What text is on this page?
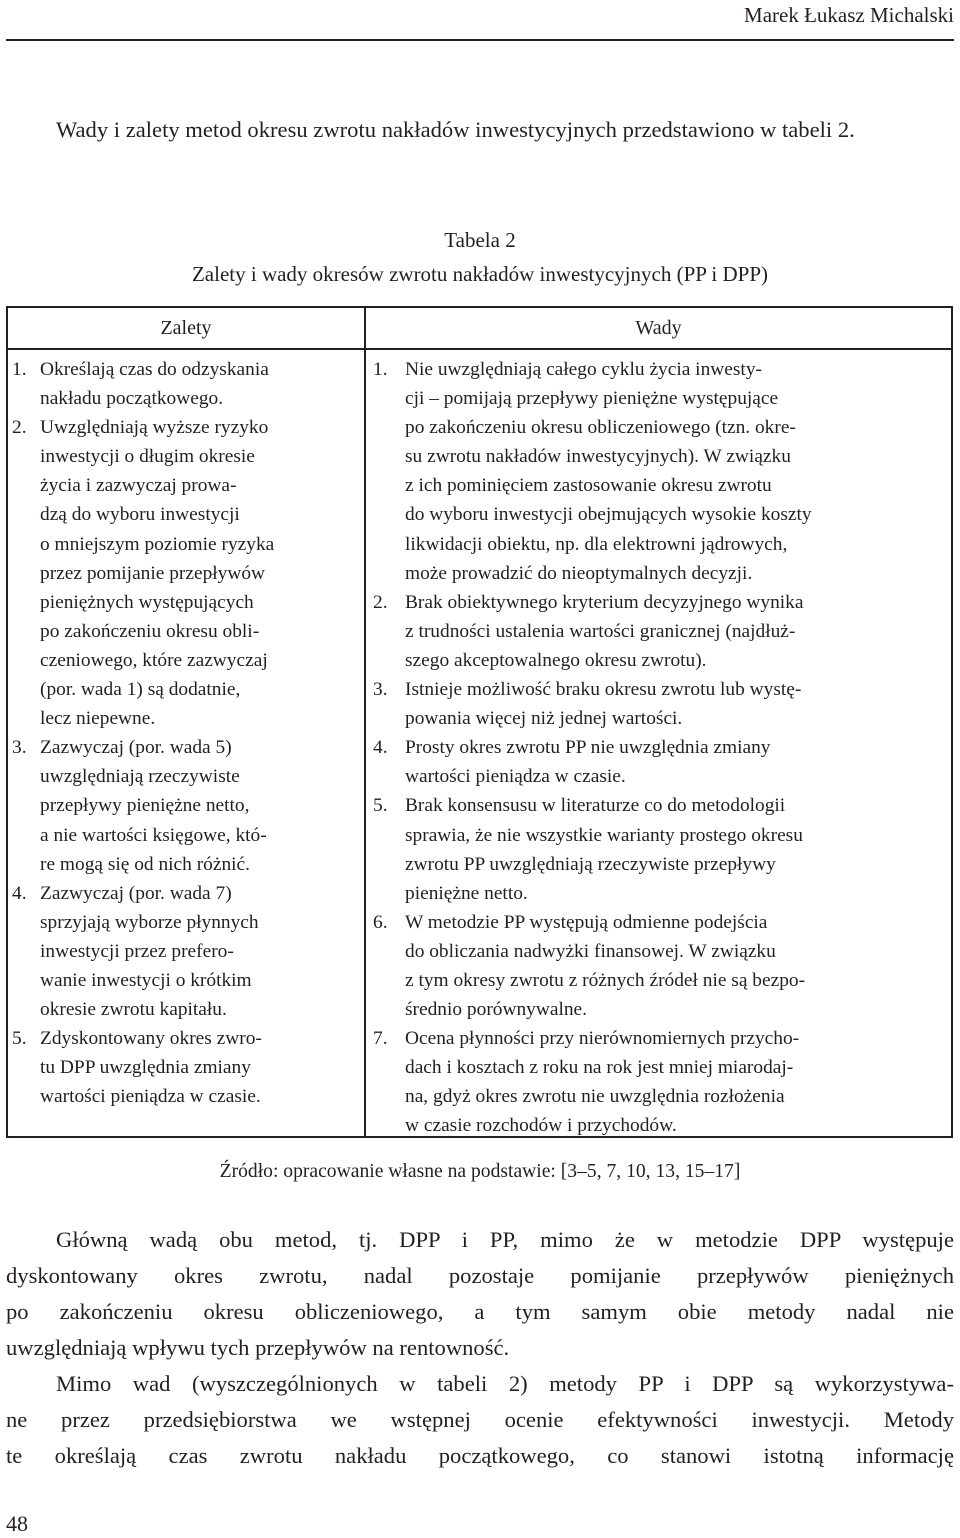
Marek Łukasz Michalski

Wady i zalety metod okresu zwrotu nakładów inwestycyjnych przedstawiono w tabeli 2.

Tabela 2
Zalety i wady okresów zwrotu nakładów inwestycyjnych (PP i DPP)
Zalety	Wady
1. Określają czas do odzyskania
nakładu początkowego.
2. Uwzględniają wyższe ryzyko
inwestycji o długim okresie
życia i zazwyczaj prowa-
dzą do wyboru inwestycji
o mniejszym poziomie ryzyka
przez pomijanie przepływów
pieniężnych występujących
po zakończeniu okresu obli-
czeniowego, które zazwyczaj
(por. wada 1) są dodatnie,
lecz niepewne.
3. Zazwyczaj (por. wada 5)
uwzględniają rzeczywiste
przepływy pieniężne netto,
a nie wartości księgowe, któ-
re mogą się od nich różnić.
4. Zazwyczaj (por. wada 7)
sprzyjają wyborze płynnych
inwestycji przez prefero-
wanie inwestycji o krótkim
okresie zwrotu kapitału.
5. Zdyskontowany okres zwro-
tu DPP uwzględnia zmiany
wartości pieniądza w czasie.
1. Nie uwzględniają całego cyklu życia inwesty-
cji – pomijają przepływy pieniężne występujące
po zakończeniu okresu obliczeniowego (tzn. okre-
su zwrotu nakładów inwestycyjnych). W związku
z ich pominięciem zastosowanie okresu zwrotu
do wyboru inwestycji obejmujących wysokie koszty
likwidacji obiektu, np. dla elektrowni jądrowych,
może prowadzić do nieoptymalnych decyzji.
2. Brak obiektywnego kryterium decyzyjnego wynika
z trudności ustalenia wartości granicznej (najdłuż-
szego akceptowalnego okresu zwrotu).
3. Istnieje możliwość braku okresu zwrotu lub wystę-
powania więcej niż jednej wartości.
4. Prosty okres zwrotu PP nie uwzględnia zmiany
wartości pieniądza w czasie.
5. Brak konsensusu w literaturze co do metodologii
sprawia, że nie wszystkie warianty prostego okresu
zwrotu PP uwzględniają rzeczywiste przepływy
pieniężne netto.
6. W metodzie PP występują odmienne podejścia
do obliczania nadwyżki finansowej. W związku
z tym okresy zwrotu z różnych źródeł nie są bezpo-
średnio porównywalne.
7. Ocena płynności przy nierównomiernych przycho-
dach i kosztach z roku na rok jest mniej miarodaj-
na, gdyż okres zwrotu nie uwzględnia rozłożenia
w czasie rozchodów i przychodów.
Źródło: opracowanie własne na podstawie: [3–5, 7, 10, 13, 15–17]

Główną wadą obu metod, tj. DPP i PP, mimo że w metodzie DPP występuje
dyskontowany okres zwrotu, nadal pozostaje pomijanie przepływów pieniężnych
po zakończeniu okresu obliczeniowego, a tym samym obie metody nadal nie
uwzględniają wpływu tych przepływów na rentowność.

Mimo wad (wyszczególnionych w tabeli 2) metody PP i DPP są wykorzystywa-
ne przez przedsiębiorstwa we wstępnej ocenie efektywności inwestycji. Metody
te określają czas zwrotu nakładu początkowego, co stanowi istotną informację

48
